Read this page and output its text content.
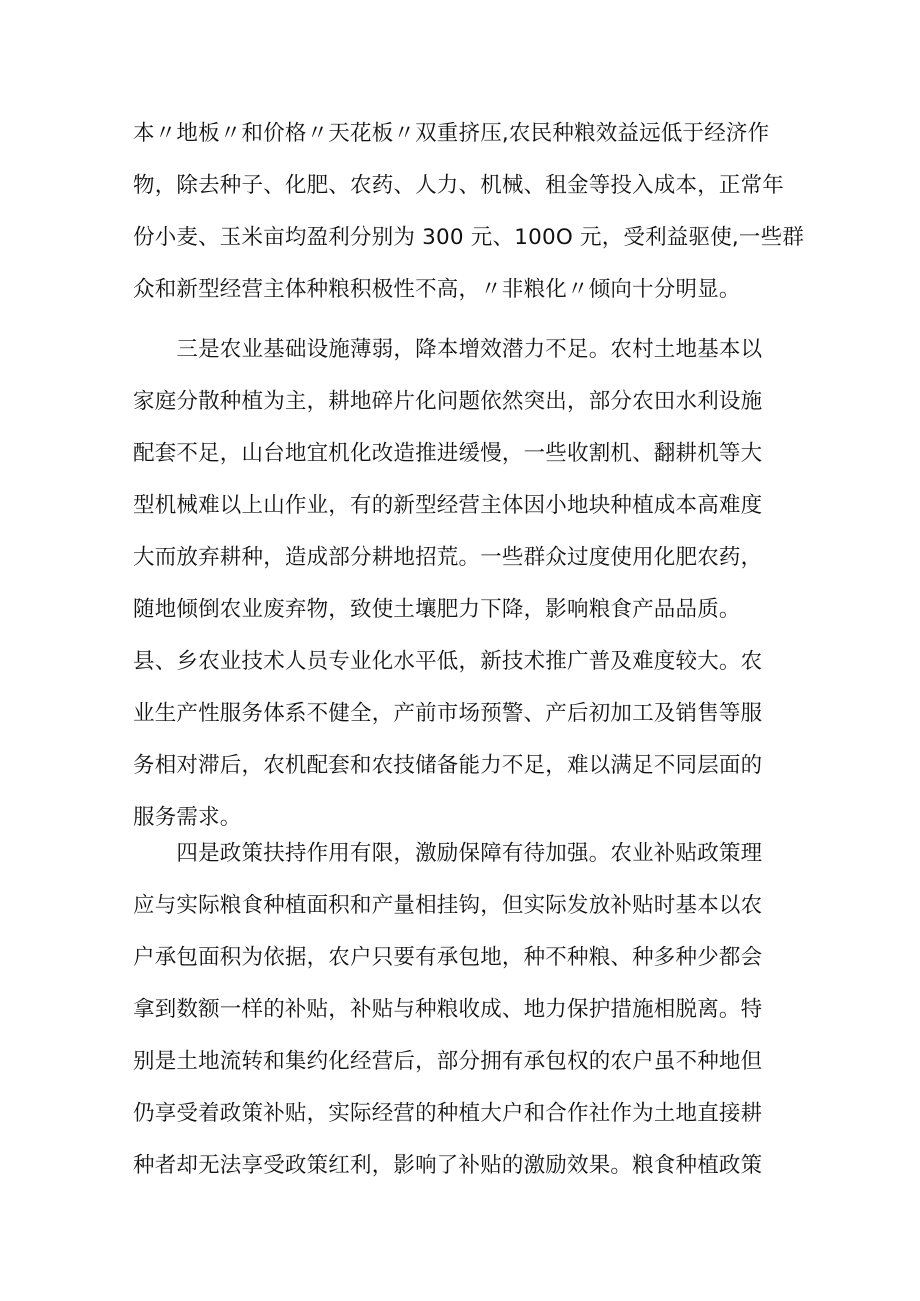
本〃地板〃和价格〃天花板〃双重挤压,农民种粮效益远低于经济作
物，除去种子、化肥、农药、人力、机械、租金等投入成本，正常年
份小麦、玉米亩均盈利分别为 300 元、100O 元，受利益驱使,一些群
众和新型经营主体种粮积极性不高，〃非粮化〃倾向十分明显。
　　三是农业基础设施薄弱，降本增效潜力不足。农村土地基本以
家庭分散种植为主，耕地碎片化问题依然突出，部分农田水利设施
配套不足，山台地宜机化改造推进缓慢，一些收割机、翻耕机等大
型机械难以上山作业，有的新型经营主体因小地块种植成本高难度
大而放弃耕种，造成部分耕地招荒。一些群众过度使用化肥农药，
随地倾倒农业废弃物，致使土壤肥力下降，影响粮食产品品质。
县、乡农业技术人员专业化水平低，新技术推广普及难度较大。农
业生产性服务体系不健全，产前市场预警、产后初加工及销售等服
务相对滞后，农机配套和农技储备能力不足，难以满足不同层面的
服务需求。
　　四是政策扶持作用有限，激励保障有待加强。农业补贴政策理
应与实际粮食种植面积和产量相挂钩，但实际发放补贴时基本以农
户承包面积为依据，农户只要有承包地，种不种粮、种多种少都会
拿到数额一样的补贴，补贴与种粮收成、地力保护措施相脱离。特
别是土地流转和集约化经营后，部分拥有承包权的农户虽不种地但
仍享受着政策补贴，实际经营的种植大户和合作社作为土地直接耕
种者却无法享受政策红利，影响了补贴的激励效果。粮食种植政策
